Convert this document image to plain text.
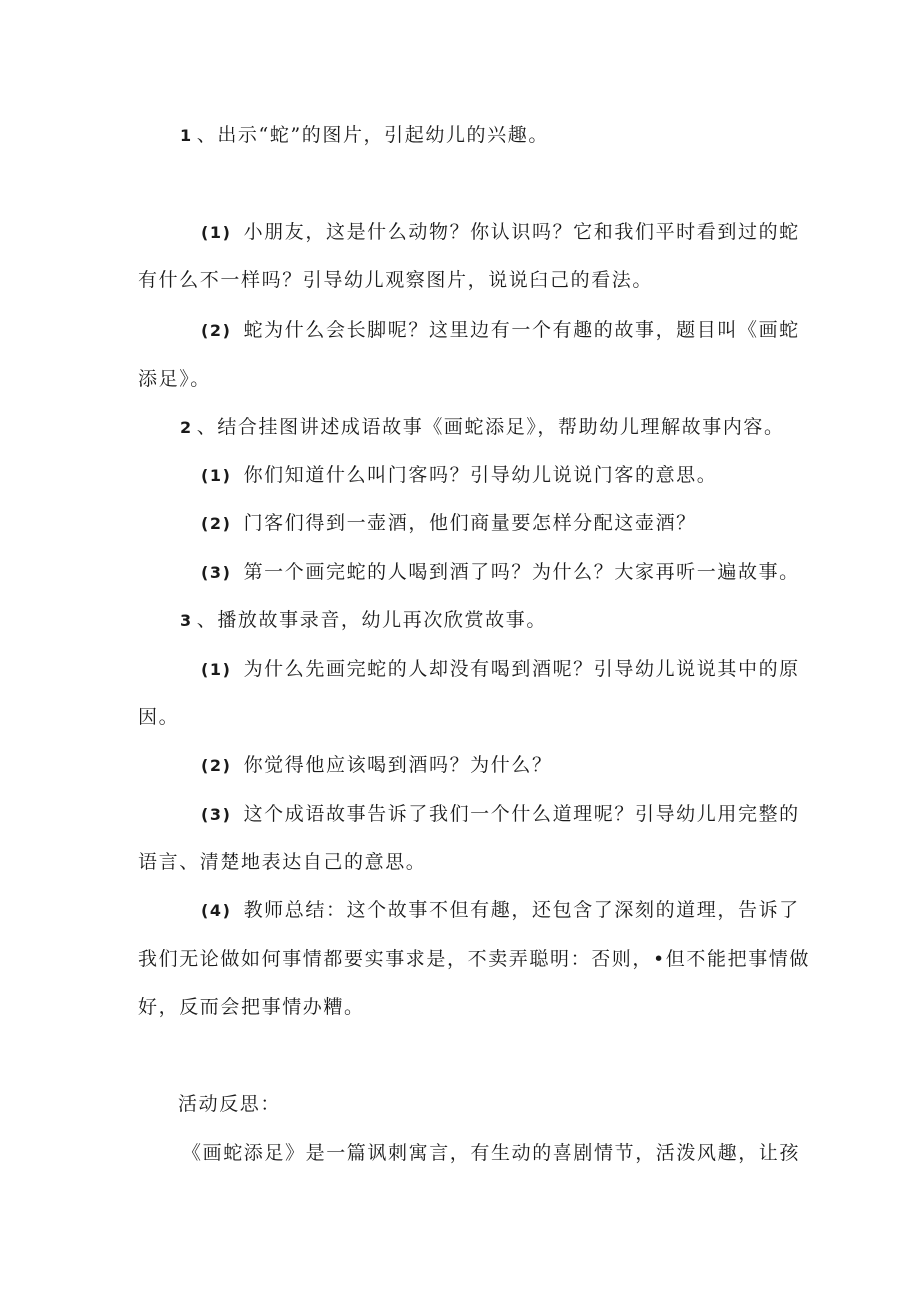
1 、出示“蛇”的图片，引起幼儿的兴趣。
(1) 小朋友，这是什么动物？你认识吗？它和我们平时看到过的蛇
有什么不一样吗？引导幼儿观察图片，说说臼己的看法。
(2) 蛇为什么会长脚呢？这里边有一个有趣的故事，题目叫《画蛇
添足》。
2 、结合挂图讲述成语故事《画蛇添足》，帮助幼儿理解故事内容。
(1) 你们知道什么叫门客吗？引导幼儿说说门客的意思。
(2) 门客们得到一壶酒，他们商量要怎样分配这壶酒？
(3) 第一个画完蛇的人喝到酒了吗？为什么？大家再听一遍故事。
3 、播放故事录音，幼儿再次欣赏故事。
(1) 为什么先画完蛇的人却没有喝到酒呢？引导幼儿说说其中的原
因。
(2) 你觉得他应该喝到酒吗？为什么？
(3) 这个成语故事告诉了我们一个什么道理呢？引导幼儿用完整的
语言、清楚地表达自己的意思。
(4) 教师总结：这个故事不但有趣，还包含了深刻的道理，告诉了
我们无论做如何事情都要实事求是，不卖弄聪明：否则，•但不能把事情做
好，反而会把事情办糟。
活动反思：
《画蛇添足》是一篇讽刺寓言，有生动的喜剧情节，活泼风趣，让孩
